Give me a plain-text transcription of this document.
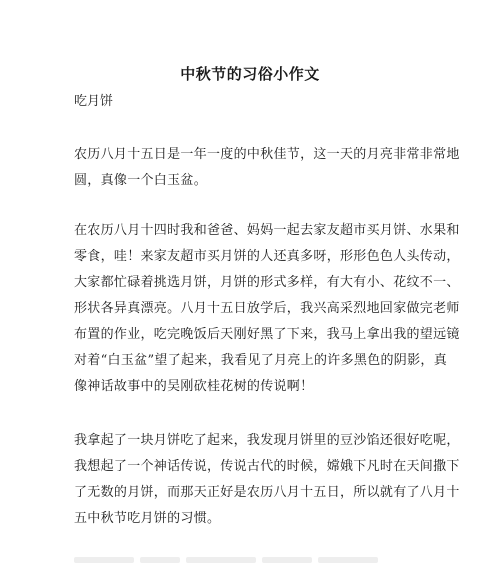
中秋节的习俗小作文
吃月饼
农历八月十五日是一年一度的中秋佳节，这一天的月亮非常非常地
圆，真像一个白玉盆。
在农历八月十四时我和爸爸、妈妈一起去家友超市买月饼、水果和
零食，哇！来家友超市买月饼的人还真多呀，形形色色人头传动，
大家都忙碌着挑选月饼，月饼的形式多样，有大有小、花纹不一、
形状各异真漂亮。八月十五日放学后，我兴高采烈地回家做完老师
布置的作业，吃完晚饭后天刚好黑了下来，我马上拿出我的望远镜
对着“白玉盆”望了起来，我看见了月亮上的许多黑色的阴影，真
像神话故事中的吴刚砍桂花树的传说啊！
我拿起了一块月饼吃了起来，我发现月饼里的豆沙馅还很好吃呢，
我想起了一个神话传说，传说古代的时候，嫦娥下凡时在天间撒下
了无数的月饼，而那天正好是农历八月十五日，所以就有了八月十
五中秋节吃月饼的习惯。
